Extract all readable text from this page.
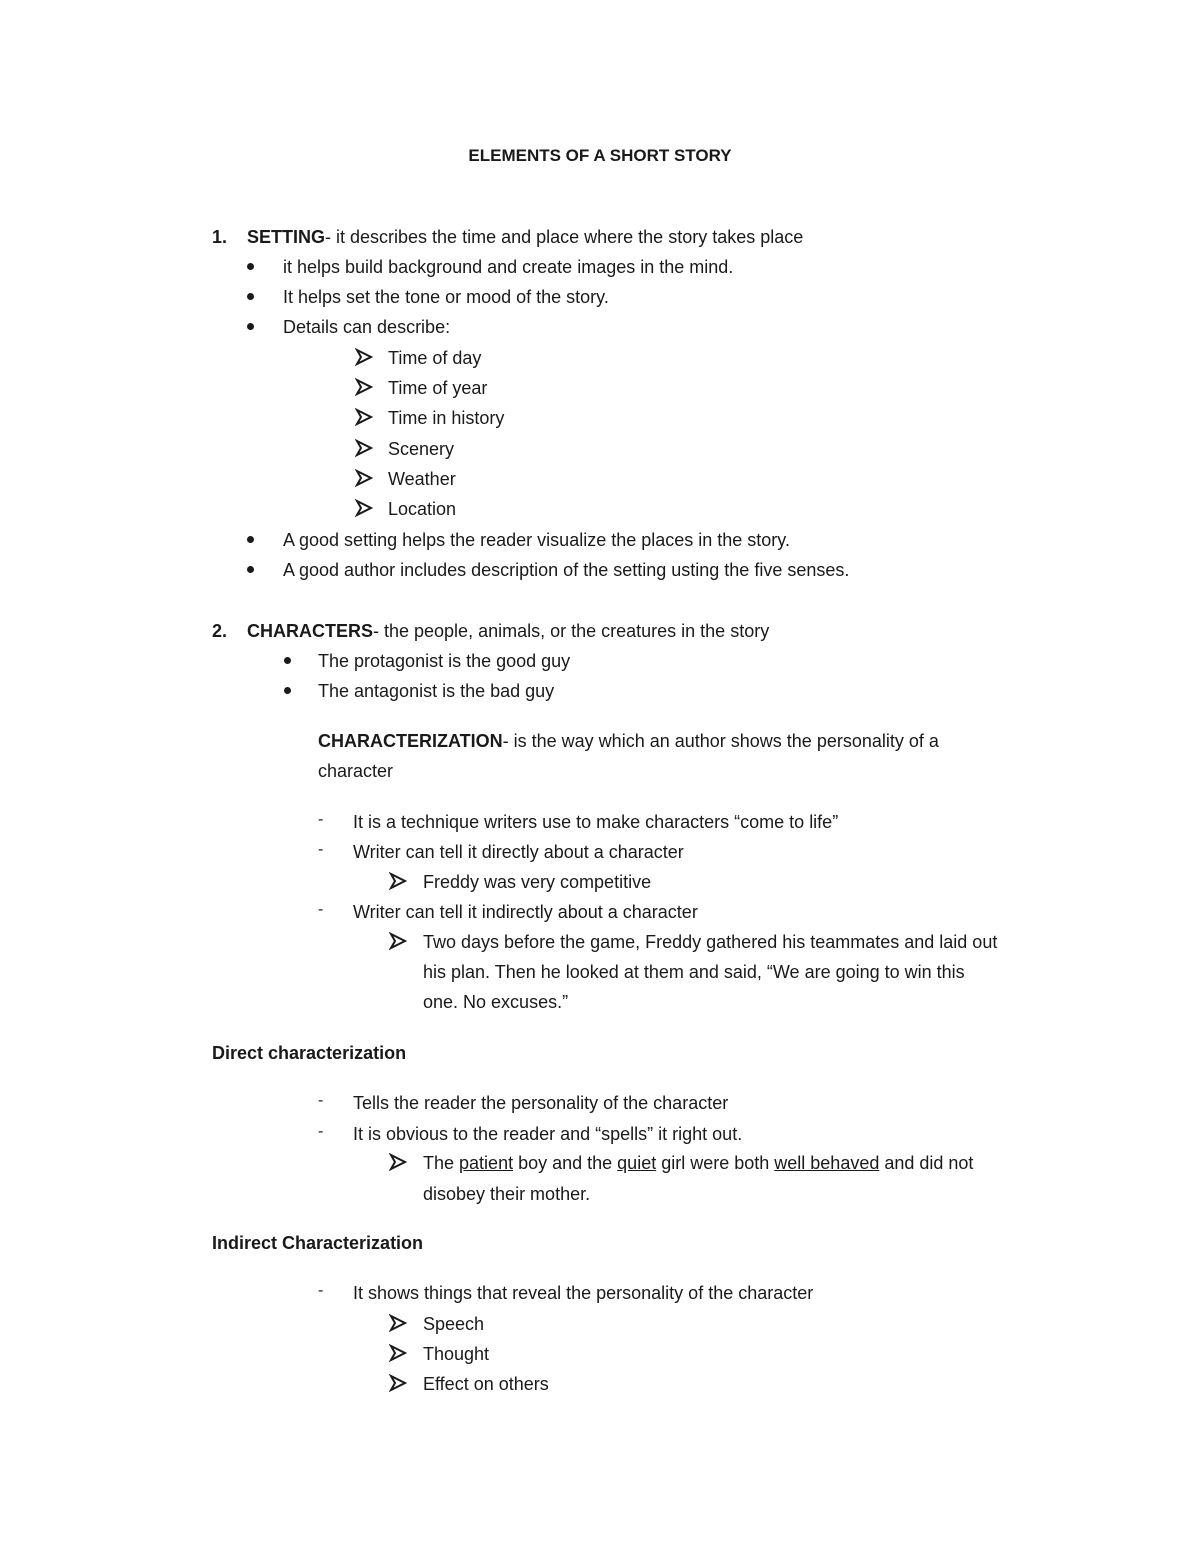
ELEMENTS OF A SHORT STORY
1. SETTING- it describes the time and place where the story takes place
it helps build background and create images in the mind.
It helps set the tone or mood of the story.
Details can describe:
Time of day
Time of year
Time in history
Scenery
Weather
Location
A good setting helps the reader visualize the places in the story.
A good author includes description of the setting usting the five senses.
2. CHARACTERS- the people, animals, or the creatures in the story
The protagonist is the good guy
The antagonist is the bad guy
CHARACTERIZATION- is the way which an author shows the personality of a
character
- It is a technique writers use to make characters “come to life”
- Writer can tell it directly about a character
Freddy was very competitive
- Writer can tell it indirectly about a character
Two days before the game, Freddy gathered his teammates and laid out
his plan. Then he looked at them and said, “We are going to win this
one. No excuses.”
Direct characterization
- Tells the reader the personality of the character
- It is obvious to the reader and “spells” it right out.
The patient boy and the quiet girl were both well behaved and did not
disobey their mother.
Indirect Characterization
- It shows things that reveal the personality of the character
Speech
Thought
Effect on others
